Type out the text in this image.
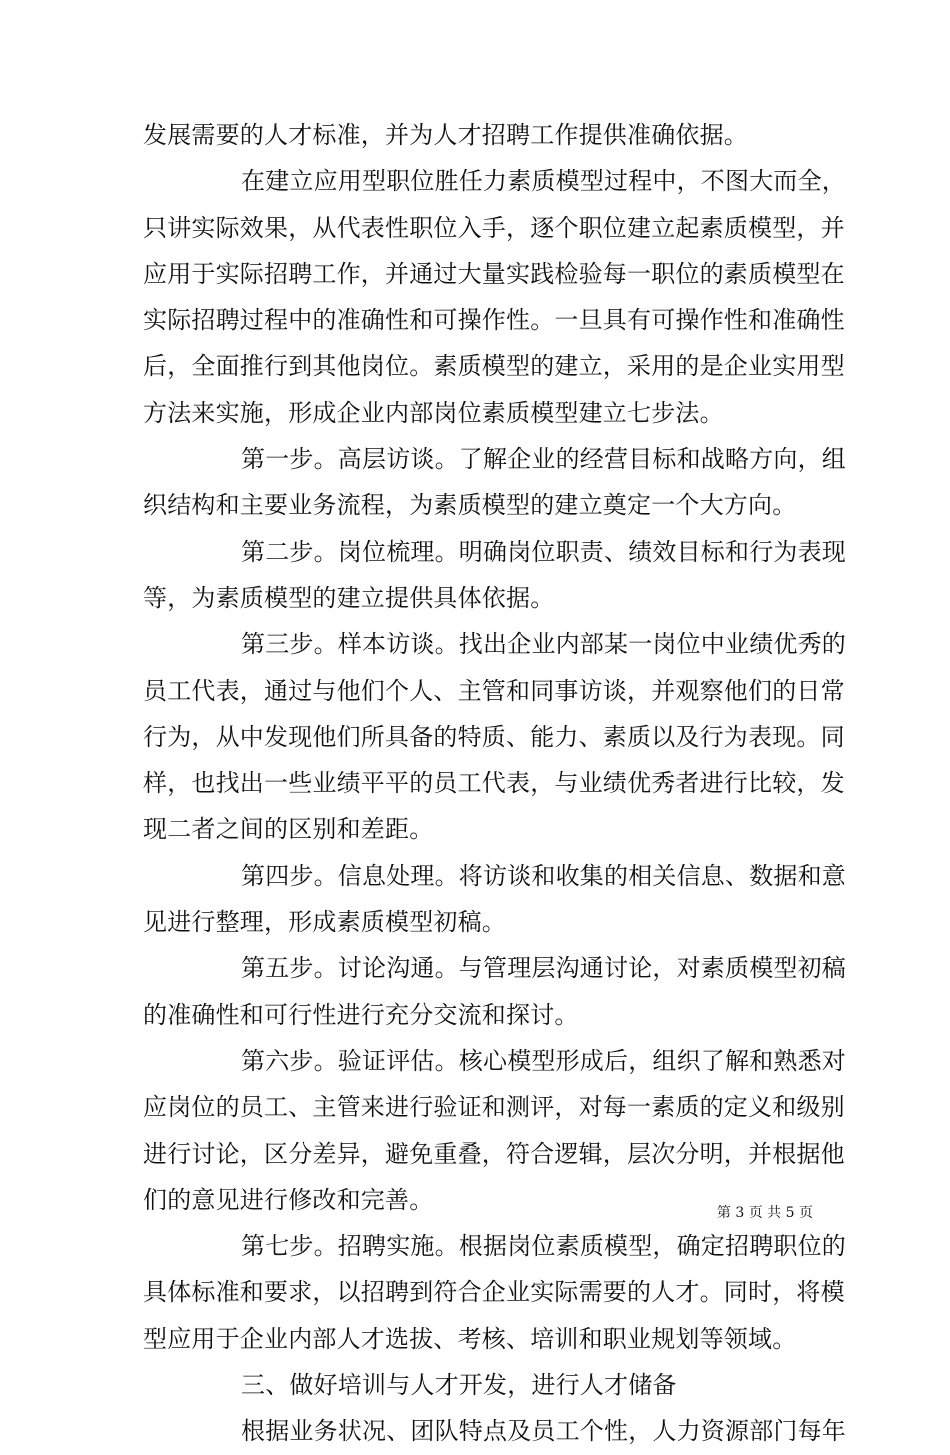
发展需要的人才标准，并为人才招聘工作提供准确依据。
在建立应用型职位胜任力素质模型过程中，不图大而全，
只讲实际效果，从代表性职位入手，逐个职位建立起素质模型，并
应用于实际招聘工作，并通过大量实践检验每一职位的素质模型在
实际招聘过程中的准确性和可操作性。一旦具有可操作性和准确性
后，全面推行到其他岗位。素质模型的建立，采用的是企业实用型
方法来实施，形成企业内部岗位素质模型建立七步法。
第一步。高层访谈。了解企业的经营目标和战略方向，组
织结构和主要业务流程，为素质模型的建立奠定一个大方向。
第二步。岗位梳理。明确岗位职责、绩效目标和行为表现
等，为素质模型的建立提供具体依据。
第三步。样本访谈。找出企业内部某一岗位中业绩优秀的
员工代表，通过与他们个人、主管和同事访谈，并观察他们的日常
行为，从中发现他们所具备的特质、能力、素质以及行为表现。同
样，也找出一些业绩平平的员工代表，与业绩优秀者进行比较，发
现二者之间的区别和差距。
第四步。信息处理。将访谈和收集的相关信息、数据和意
见进行整理，形成素质模型初稿。
第五步。讨论沟通。与管理层沟通讨论，对素质模型初稿
的准确性和可行性进行充分交流和探讨。
第六步。验证评估。核心模型形成后，组织了解和熟悉对
应岗位的员工、主管来进行验证和测评，对每一素质的定义和级别
进行讨论，区分差异，避免重叠，符合逻辑，层次分明，并根据他
们的意见进行修改和完善。
第七步。招聘实施。根据岗位素质模型，确定招聘职位的
具体标准和要求，以招聘到符合企业实际需要的人才。同时，将模
型应用于企业内部人才选拔、考核、培训和职业规划等领域。
三、做好培训与人才开发，进行人才储备
根据业务状况、团队特点及员工个性，人力资源部门每年
第 3 页 共 5 页
